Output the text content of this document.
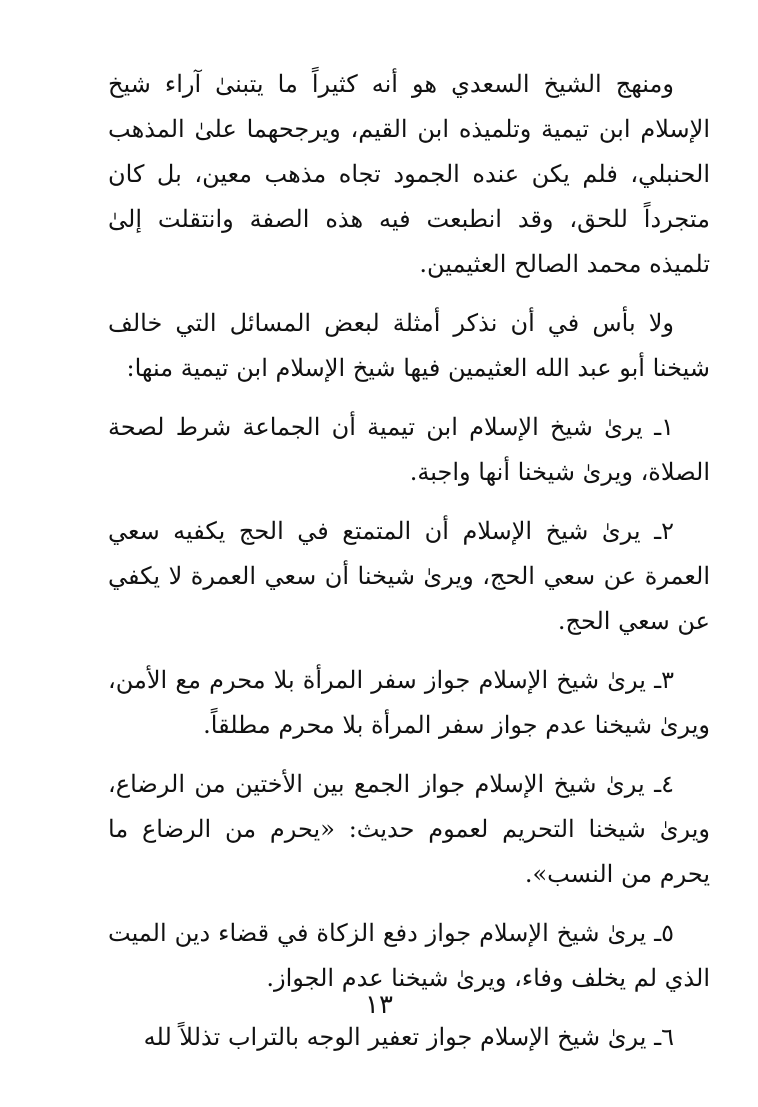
ومنهج الشيخ السعدي هو أنه كثيراً ما يتبنىٰ آراء شيخ الإسلام ابن تيمية وتلميذه ابن القيم، ويرجحهما علىٰ المذهب الحنبلي، فلم يكن عنده الجمود تجاه مذهب معين، بل كان متجرداً للحق، وقد انطبعت فيه هذه الصفة وانتقلت إلىٰ تلميذه محمد الصالح العثيمين.

ولا بأس في أن نذكر أمثلة لبعض المسائل التي خالف شيخنا أبو عبد الله العثيمين فيها شيخ الإسلام ابن تيمية منها:

١ـ يرىٰ شيخ الإسلام ابن تيمية أن الجماعة شرط لصحة الصلاة، ويرىٰ شيخنا أنها واجبة.

٢ـ يرىٰ شيخ الإسلام أن المتمتع في الحج يكفيه سعي العمرة عن سعي الحج، ويرىٰ شيخنا أن سعي العمرة لا يكفي عن سعي الحج.

٣ـ يرىٰ شيخ الإسلام جواز سفر المرأة بلا محرم مع الأمن، ويرىٰ شيخنا عدم جواز سفر المرأة بلا محرم مطلقاً.

٤ـ يرىٰ شيخ الإسلام جواز الجمع بين الأختين من الرضاع، ويرىٰ شيخنا التحريم لعموم حديث: «يحرم من الرضاع ما يحرم من النسب».

٥ـ يرىٰ شيخ الإسلام جواز دفع الزكاة في قضاء دين الميت الذي لم يخلف وفاء، ويرىٰ شيخنا عدم الجواز.

٦ـ يرىٰ شيخ الإسلام جواز تعفير الوجه بالتراب تذللاً لله

١٣
